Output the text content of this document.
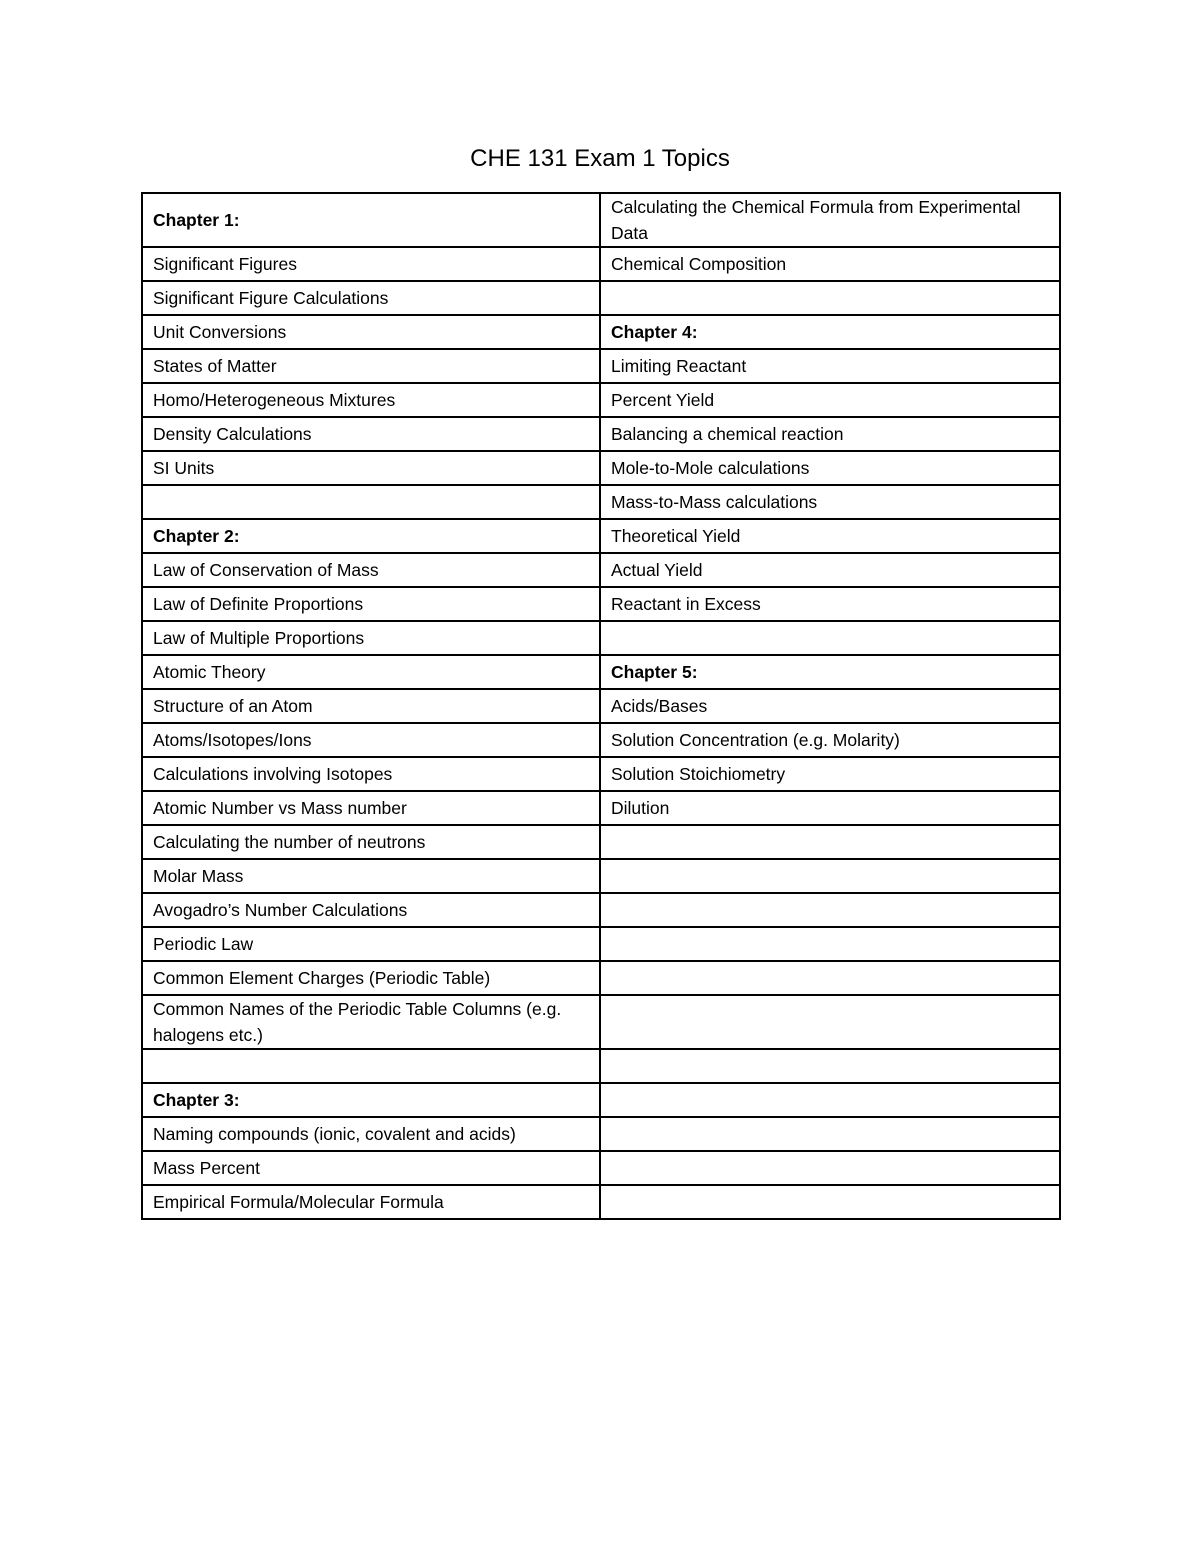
CHE 131 Exam 1 Topics
Chapter 1:	Calculating the Chemical Formula from Experimental Data
Significant Figures	Chemical Composition
Significant Figure Calculations	
Unit Conversions	Chapter 4:
States of Matter	Limiting Reactant
Homo/Heterogeneous Mixtures	Percent Yield
Density Calculations	Balancing a chemical reaction
SI Units	Mole-to-Mole calculations
	Mass-to-Mass calculations
Chapter 2:	Theoretical Yield
Law of Conservation of Mass	Actual Yield
Law of Definite Proportions	Reactant in Excess
Law of Multiple Proportions	
Atomic Theory	Chapter 5:
Structure of an Atom	Acids/Bases
Atoms/Isotopes/Ions	Solution Concentration (e.g. Molarity)
Calculations involving Isotopes	Solution Stoichiometry
Atomic Number vs Mass number	Dilution
Calculating the number of neutrons	
Molar Mass	
Avogadro’s Number Calculations	
Periodic Law	
Common Element Charges (Periodic Table)	
Common Names of the Periodic Table Columns (e.g. halogens etc.)	

Chapter 3:	
Naming compounds (ionic, covalent and acids)	
Mass Percent	
Empirical Formula/Molecular Formula	
